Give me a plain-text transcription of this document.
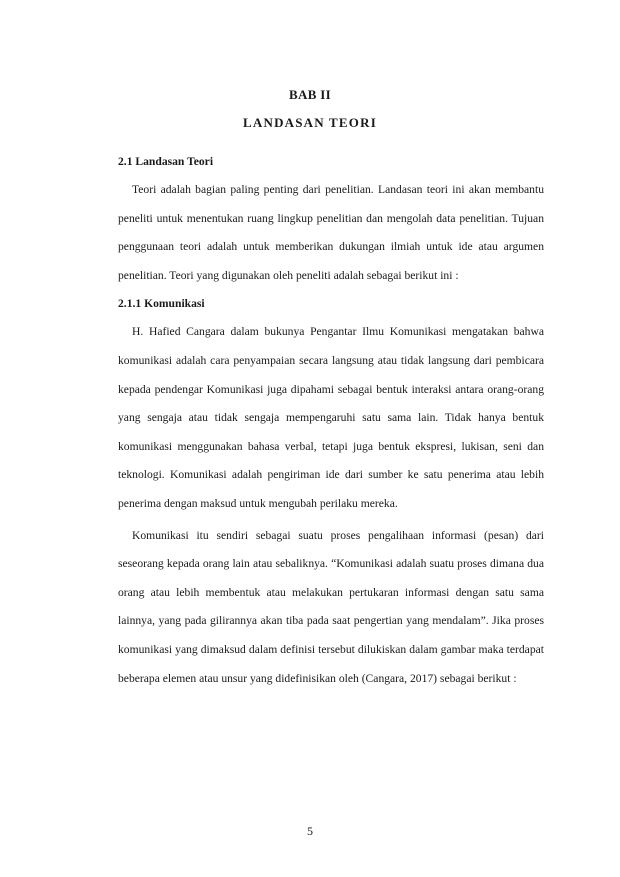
BAB II
LANDASAN TEORI

2.1 Landasan Teori

Teori adalah bagian paling penting dari penelitian. Landasan teori ini akan membantu peneliti untuk menentukan ruang lingkup penelitian dan mengolah data penelitian. Tujuan penggunaan teori adalah untuk memberikan dukungan ilmiah untuk ide atau argumen penelitian. Teori yang digunakan oleh peneliti adalah sebagai berikut ini :

2.1.1 Komunikasi

H. Hafied Cangara dalam bukunya Pengantar Ilmu Komunikasi mengatakan bahwa komunikasi adalah cara penyampaian secara langsung atau tidak langsung dari pembicara kepada pendengar Komunikasi juga dipahami sebagai bentuk interaksi antara orang-orang yang sengaja atau tidak sengaja mempengaruhi satu sama lain. Tidak hanya bentuk komunikasi menggunakan bahasa verbal, tetapi juga bentuk ekspresi, lukisan, seni dan teknologi. Komunikasi adalah pengiriman ide dari sumber ke satu penerima atau lebih penerima dengan maksud untuk mengubah perilaku mereka.

Komunikasi itu sendiri sebagai suatu proses pengalihaan informasi (pesan) dari seseorang kepada orang lain atau sebaliknya. “Komunikasi adalah suatu proses dimana dua orang atau lebih membentuk atau melakukan pertukaran informasi dengan satu sama lainnya, yang pada gilirannya akan tiba pada saat pengertian yang mendalam”. Jika proses komunikasi yang dimaksud dalam definisi tersebut dilukiskan dalam gambar maka terdapat beberapa elemen atau unsur yang didefinisikan oleh (Cangara, 2017) sebagai berikut :

5
